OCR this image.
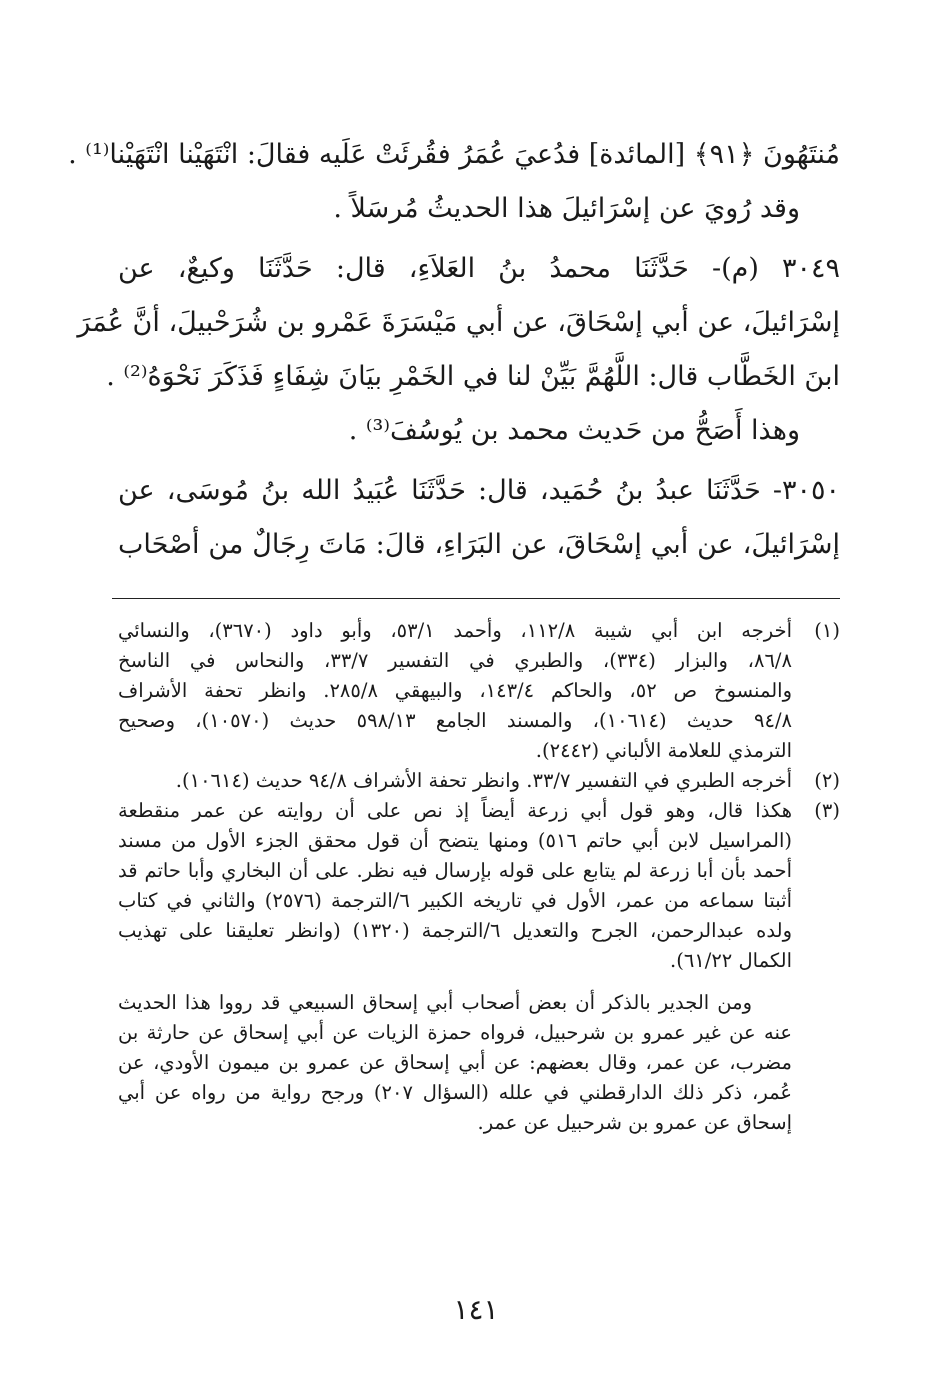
مُنتَهُونَ ﴿٩١﴾ [المائدة] فدُعيَ عُمَرُ فقُرئَتْ عَلَيه فقالَ: انْتَهَيْنا انْتَهَيْنا⁽¹⁾ .
وقد رُويَ عن إسْرَائيلَ هذا الحديثُ مُرسَلاً .
٣٠٤٩ (م)- حَدَّثَنَا محمدُ بنُ العَلاَءِ، قال: حَدَّثَنَا وكيعٌ، عن
إسْرَائيلَ، عن أبي إسْحَاقَ، عن أبي مَيْسَرَةَ عَمْرو بن شُرَحْبيلَ، أنَّ عُمَرَ
ابنَ الخَطَّاب قال: اللَّهُمَّ بَيِّنْ لنا في الخَمْرِ بيَانَ شِفَاءٍ فَذَكَرَ نَحْوَهُ⁽²⁾ .
وهذا أَصَحُّ من حَديث محمد بن يُوسُفَ⁽³⁾ .
٣٠٥٠- حَدَّثَنَا عبدُ بنُ حُمَيد، قال: حَدَّثَنَا عُبَيدُ الله بنُ مُوسَى، عن
إسْرَائيلَ، عن أبي إسْحَاقَ، عن البَرَاءِ، قالَ: مَاتَ رِجَالٌ من أصْحَاب
(١)
أخرجه ابن أبي شيبة ١١٢/٨، وأحمد ٥٣/١، وأبو داود (٣٦٧٠)، والنسائي
٨٦/٨، والبزار (٣٣٤)، والطبري في التفسير ٣٣/٧، والنحاس في الناسخ
والمنسوخ ص ٥٢، والحاكم ١٤٣/٤، والبيهقي ٢٨٥/٨. وانظر تحفة الأشراف
٩٤/٨ حديث (١٠٦١٤)، والمسند الجامع ٥٩٨/١٣ حديث (١٠٥٧٠)، وصحيح
الترمذي للعلامة الألباني (٢٤٤٢).
(٢)
أخرجه الطبري في التفسير ٣٣/٧. وانظر تحفة الأشراف ٩٤/٨ حديث (١٠٦١٤).
(٣)
هكذا قال، وهو قول أبي زرعة أيضاً إذ نص على أن روايته عن عمر منقطعة
(المراسيل لابن أبي حاتم ٥١٦) ومنها يتضح أن قول محقق الجزء الأول من مسند
أحمد بأن أبا زرعة لم يتابع على قوله بإرسال فيه نظر. على أن البخاري وأبا حاتم قد
أثبتا سماعه من عمر، الأول في تاريخه الكبير ٦/الترجمة (٢٥٧٦) والثاني في كتاب
ولده عبدالرحمن، الجرح والتعديل ٦/الترجمة (١٣٢٠) (وانظر تعليقنا على تهذيب
الكمال ٦١/٢٢).
ومن الجدير بالذكر أن بعض أصحاب أبي إسحاق السبيعي قد رووا هذا الحديث
عنه عن غير عمرو بن شرحبيل، فرواه حمزة الزيات عن أبي إسحاق عن حارثة بن
مضرب، عن عمر، وقال بعضهم: عن أبي إسحاق عن عمرو بن ميمون الأودي، عن
عُمر، ذكر ذلك الدارقطني في علله (السؤال ٢٠٧) ورجح رواية من رواه عن أبي
إسحاق عن عمرو بن شرحبيل عن عمر.
١٤١
